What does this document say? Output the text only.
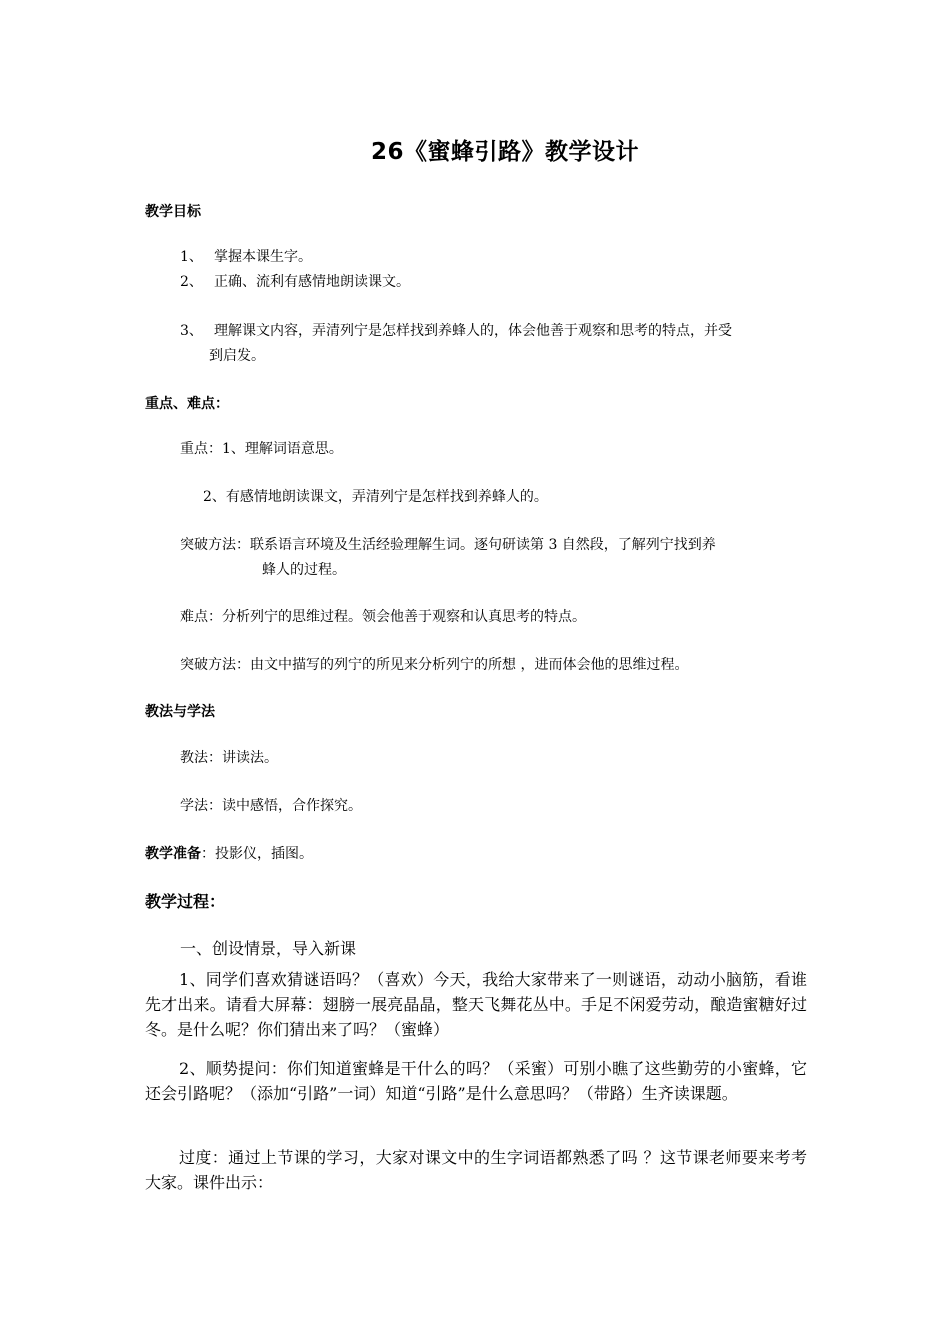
26《蜜蜂引路》教学设计
教学目标
1、 掌握本课生字。
2、 正确、流利有感情地朗读课文。
3、 理解课文内容，弄清列宁是怎样找到养蜂人的，体会他善于观察和思考的特点，并受
到启发。
重点、难点：
重点：1、理解词语意思。
2、有感情地朗读课文，弄清列宁是怎样找到养蜂人的。
突破方法：联系语言环境及生活经验理解生词。逐句研读第 3 自然段，了解列宁找到养
蜂人的过程。
难点：分析列宁的思维过程。领会他善于观察和认真思考的特点。
突破方法：由文中描写的列宁的所见来分析列宁的所想 ，进而体会他的思维过程。
教法与学法
教法：讲读法。
学法：读中感悟，合作探究。
教学准备：投影仪，插图。
教学过程：
一、创设情景，导入新课
1、同学们喜欢猜谜语吗？（喜欢）今天，我给大家带来了一则谜语，动动小脑筋，看谁先才出来。请看大屏幕：翅膀一展亮晶晶，整天飞舞花丛中。手足不闲爱劳动，酿造蜜糖好过冬。是什么呢？你们猜出来了吗？（蜜蜂）
2、顺势提问：你们知道蜜蜂是干什么的吗？（采蜜）可别小瞧了这些勤劳的小蜜蜂，它还会引路呢？（添加“引路”一词）知道“引路”是什么意思吗？（带路）生齐读课题。
过度：通过上节课的学习，大家对课文中的生字词语都熟悉了吗 ？这节课老师要来考考大家。课件出示：
